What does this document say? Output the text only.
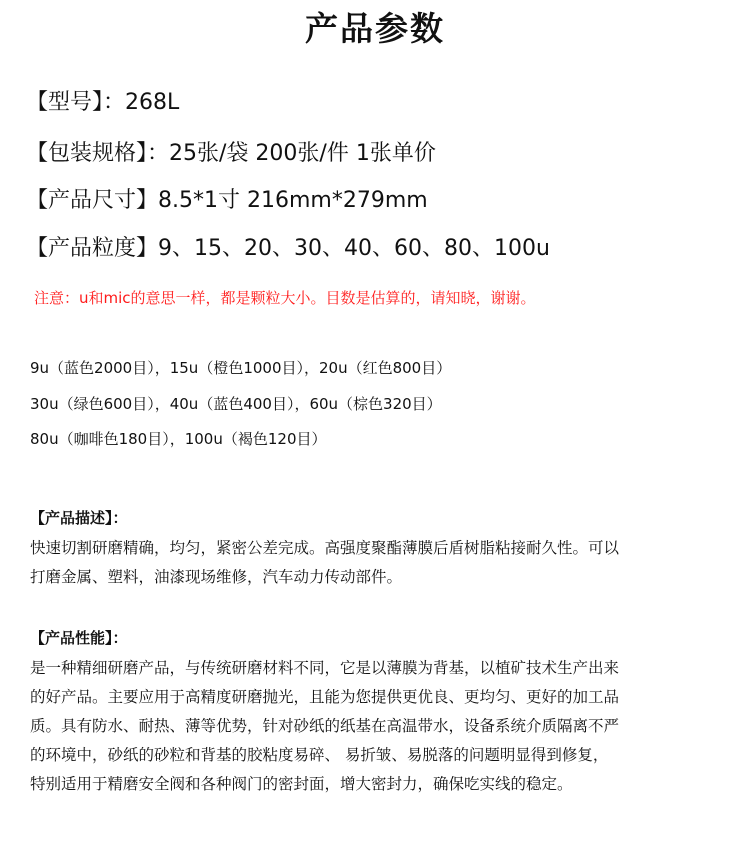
产品参数
【型号】：268L
【包装规格】：25张/袋 200张/件 1张单价
【产品尺寸】8.5*1寸 216mm*279mm
【产品粒度】9、15、20、30、40、60、80、100u
注意：u和mic的意思一样，都是颗粒大小。目数是估算的，请知晓，谢谢。
9u（蓝色2000目），15u（橙色1000目），20u（红色800目）
30u（绿色600目），40u（蓝色400目），60u（棕色320目）
80u（咖啡色180目），100u（褐色120目）
【产品描述】：
快速切割研磨精确，均匀，紧密公差完成。高强度聚酯薄膜后盾树脂粘接耐久性。可以
打磨金属、塑料，油漆现场维修，汽车动力传动部件。
【产品性能】：
是一种精细研磨产品，与传统研磨材料不同，它是以薄膜为背基，以植矿技术生产出来
的好产品。主要应用于高精度研磨抛光，且能为您提供更优良、更均匀、更好的加工品
质。具有防水、耐热、薄等优势，针对砂纸的纸基在高温带水，设备系统介质隔离不严
的环境中，砂纸的砂粒和背基的胶粘度易碎、 易折皱、易脱落的问题明显得到修复，
特别适用于精磨安全阀和各种阀门的密封面，增大密封力，确保吃实线的稳定。
